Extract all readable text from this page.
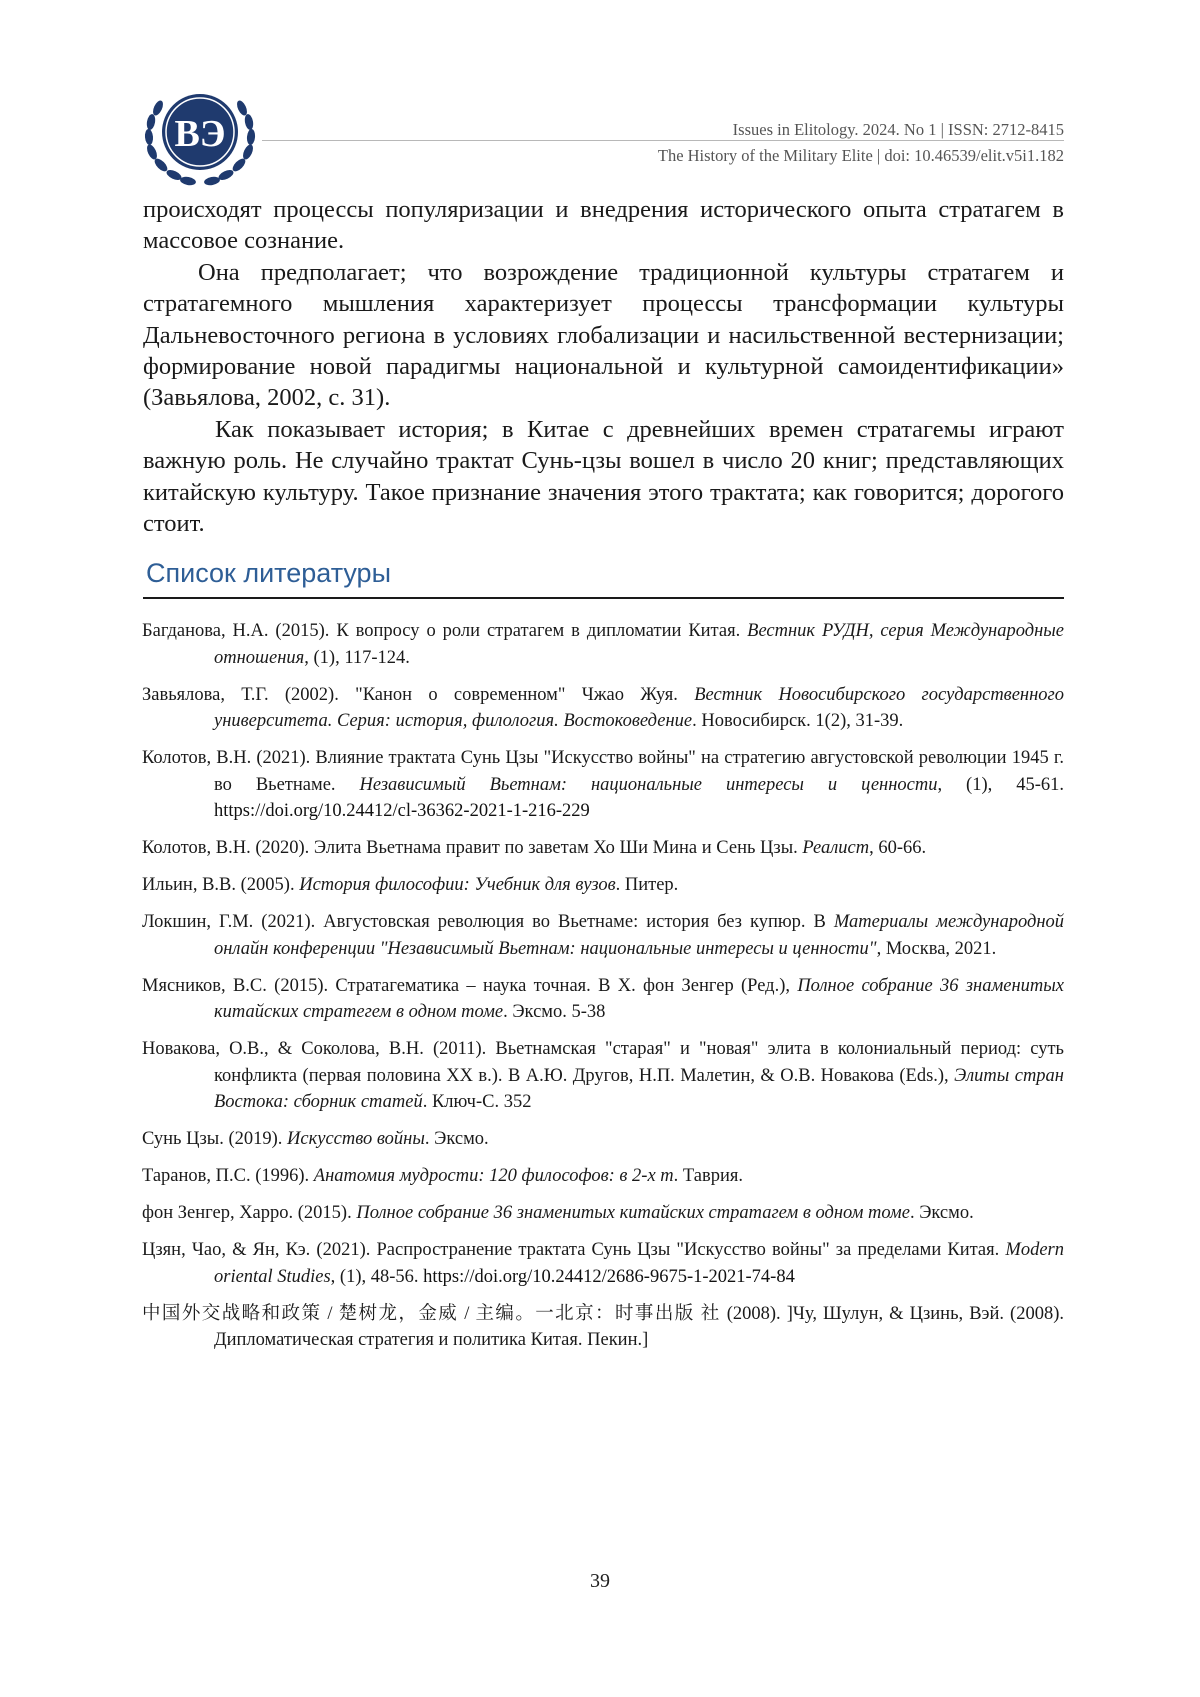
ВЭ	Issues in Elitology. 2024. No 1 | ISSN: 2712-8415
The History of the Military Elite | doi: 10.46539/elit.v5i1.182

происходят процессы популяризации и внедрения исторического опыта стратагем в массовое сознание.

Она предполагает; что возрождение традиционной культуры стратагем и стратагемного мышления характеризует процессы трансформации культуры Дальневосточного региона в условиях глобализации и насильственной вестернизации; формирование новой парадигмы национальной и культурной самоидентификации» (Завьялова, 2002, с. 31).

Как показывает история; в Китае с древнейших времен стратагемы играют важную роль. Не случайно трактат Сунь-цзы вошел в число 20 книг; представляющих китайскую культуру. Такое признание значения этого трактата; как говорится; дорогого стоит.

Список литературы
Багданова, Н.А. (2015). К вопросу о роли стратагем в дипломатии Китая. Вестник РУДН, серия Международные отношения, (1), 117-124.
Завьялова, Т.Г. (2002). "Канон о современном" Чжао Жуя. Вестник Новосибирского государственного университета. Серия: история, филология. Востоковедение. Новосибирск. 1(2), 31-39.
Колотов, В.Н. (2021). Влияние трактата Сунь Цзы "Искусство войны" на стратегию августовской революции 1945 г. во Вьетнаме. Независимый Вьетнам: национальные интересы и ценности, (1), 45-61. https://doi.org/10.24412/cl-36362-2021-1-216-229
Колотов, В.Н. (2020). Элита Вьетнама правит по заветам Хо Ши Мина и Сень Цзы. Реалист, 60-66.
Ильин, В.В. (2005). История философии: Учебник для вузов. Питер.
Локшин, Г.М. (2021). Августовская революция во Вьетнаме: история без купюр. В Материалы международной онлайн конференции "Независимый Вьетнам: национальные интересы и ценности", Москва, 2021.
Мясников, В.С. (2015). Стратагематика – наука точная. В Х. фон Зенгер (Ред.), Полное собрание 36 знаменитых китайских стратегем в одном томе. Эксмо. 5-38
Новакова, О.В., & Соколова, В.Н. (2011). Вьетнамская "старая" и "новая" элита в колониальный период: суть конфликта (первая половина XX в.). В А.Ю. Другов, Н.П. Малетин, & О.В. Новакова (Eds.), Элиты стран Востока: сборник статей. Ключ-С. 352
Сунь Цзы. (2019). Искусство войны. Эксмо.
Таранов, П.С. (1996). Анатомия мудрости: 120 философов: в 2-х т. Таврия.
фон Зенгер, Харро. (2015). Полное собрание 36 знаменитых китайских стратагем в одном томе. Эксмо.
Цзян, Чао, & Ян, Кэ. (2021). Распространение трактата Сунь Цзы "Искусство войны" за пределами Китая. Modern oriental Studies, (1), 48-56. https://doi.org/10.24412/2686-9675-1-2021-74-84
中国外交战略和政策 / 楚树龙，金威 / 主编。一北京：时事出版 社 (2008). ]Чу, Шулун, & Цзинь, Вэй. (2008). Дипломатическая стратегия и политика Китая. Пекин.]
39
